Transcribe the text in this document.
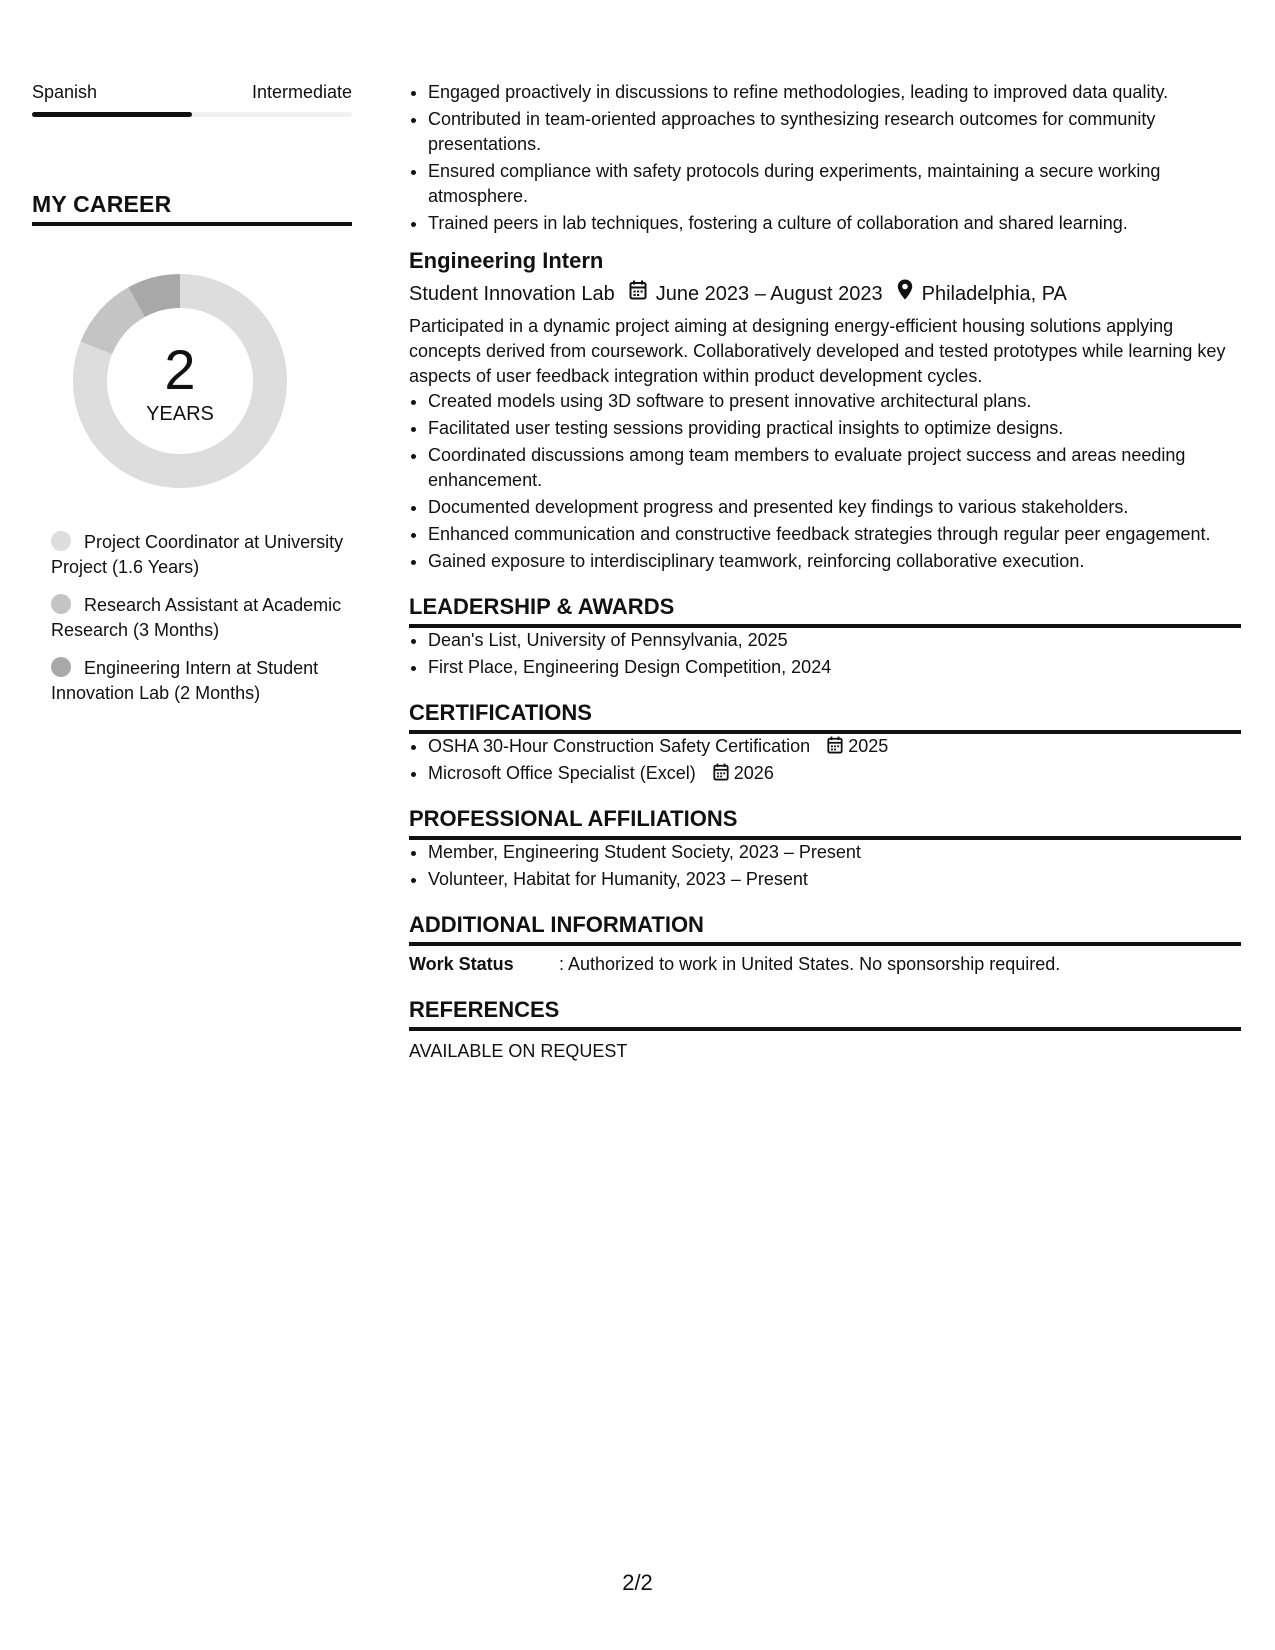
Spanish	Intermediate
MY CAREER
2
YEARS
Project Coordinator at University Project (1.6 Years)
Research Assistant at Academic Research (3 Months)
Engineering Intern at Student Innovation Lab (2 Months)
• Engaged proactively in discussions to refine methodologies, leading to improved data quality.
• Contributed in team-oriented approaches to synthesizing research outcomes for community presentations.
• Ensured compliance with safety protocols during experiments, maintaining a secure working atmosphere.
• Trained peers in lab techniques, fostering a culture of collaboration and shared learning.
Engineering Intern
Student Innovation Lab June 2023 – August 2023 Philadelphia, PA
Participated in a dynamic project aiming at designing energy-efficient housing solutions applying concepts derived from coursework. Collaboratively developed and tested prototypes while learning key aspects of user feedback integration within product development cycles.
• Created models using 3D software to present innovative architectural plans.
• Facilitated user testing sessions providing practical insights to optimize designs.
• Coordinated discussions among team members to evaluate project success and areas needing enhancement.
• Documented development progress and presented key findings to various stakeholders.
• Enhanced communication and constructive feedback strategies through regular peer engagement.
• Gained exposure to interdisciplinary teamwork, reinforcing collaborative execution.
LEADERSHIP & AWARDS
• Dean's List, University of Pennsylvania, 2025
• First Place, Engineering Design Competition, 2024
CERTIFICATIONS
• OSHA 30-Hour Construction Safety Certification 2025
• Microsoft Office Specialist (Excel) 2026
PROFESSIONAL AFFILIATIONS
• Member, Engineering Student Society, 2023 – Present
• Volunteer, Habitat for Humanity, 2023 – Present
ADDITIONAL INFORMATION
Work Status	: Authorized to work in United States. No sponsorship required.
REFERENCES
AVAILABLE ON REQUEST
2/2
